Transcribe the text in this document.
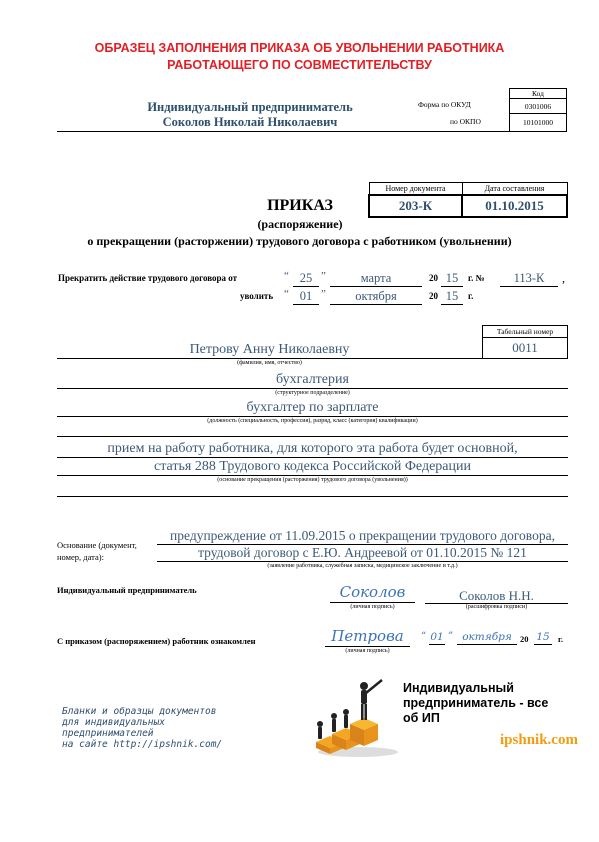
ОБРАЗЕЦ ЗАПОЛНЕНИЯ ПРИКАЗА ОБ УВОЛЬНЕНИИ РАБОТНИКА
РАБОТАЮЩЕГО ПО СОВМЕСТИТЕЛЬСТВУ
Индивидуальный предприниматель
Соколов Николай Николаевич
Форма по ОКУД
по ОКПО
Код
0301006
10101000
Номер документа	Дата составления
203-К	01.10.2015
ПРИКАЗ
(распоряжение)
о прекращении (расторжении) трудового договора с работником (увольнении)
Прекратить действие трудового договора от	“ 25 ”	марта	20 15	г. №	113-К	,
уволить “ 01 ”	октября	20 15	г.
Табельный номер
0011
Петрову Анну Николаевну
(фамилия, имя, отчество)
бухгалтерия
(структурное подразделение)
бухгалтер по зарплате
(должность (специальность, профессия), разряд, класс (категория) квалификации)
прием на работу работника, для которого эта работа будет основной,
статья 288 Трудового кодекса Российской Федерации
(основание прекращения (расторжения) трудового договора (увольнения))
Основание (документ,
номер, дата):
предупреждение от 11.09.2015 о прекращении трудового договора,
трудовой договор с Е.Ю. Андреевой от 01.10.2015 № 121
(заявление работника, служебная записка, медицинское заключение и т.д.)
Индивидуальный предприниматель	Соколов
(личная подпись)
Соколов Н.Н.
(расшифровка подписи)
С приказом (распоряжением) работник ознакомлен	Петрова
(личная подпись)
“ 01 ” октября 20 15 г.
Бланки и образцы документов
для индивидуальных
предпринимателей
на сайте http://ipshnik.com/
Индивидуальный
предприниматель - все
об ИП
ipshnik.com
